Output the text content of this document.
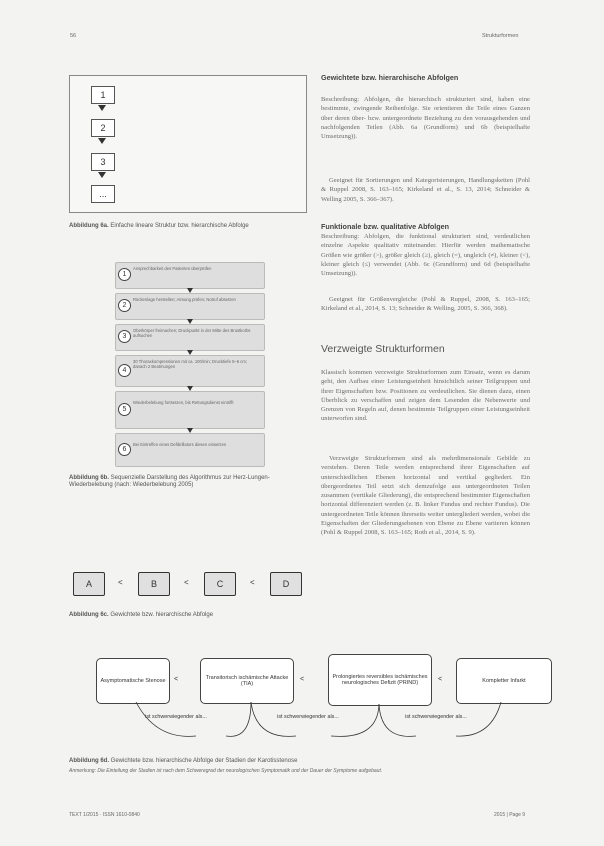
56	Strukturformen
1
2
3
...
Abbildung 6a. Einfache lineare Struktur bzw. hierarchische Abfolge
1
Ansprechbarkeit des Patienten überprüfen
2
Rückenlage herstellen; Atmung prüfen; Notruf absetzen
3
Oberkörper freimachen; Druckpunkt in der Mitte des Brustkorbs aufsuchen
4
30 Thoraxkompressionen mit ca. 100/min; Drucktiefe 5–6 cm; danach 2 Beatmungen
5
Wiederbelebung fortsetzen, bis Rettungsdienst eintrifft
6
Bei Eintreffen eines Defibrillators diesen einsetzen
Abbildung 6b. Sequenzielle Darstellung des Algorithmus zur Herz-Lungen-Wiederbelebung (nach: Wiederbelebung 2005)
A	<	B	<	C	<	D
Abbildung 6c. Gewichtete bzw. hierarchische Abfolge
Gewichtete bzw. hierarchische Abfolgen

Beschreibung: Abfolgen, die hierarchisch strukturiert sind, haben eine bestimmte, zwingende Reihenfolge. Sie orientieren die Teile eines Ganzen über deren über- bzw. untergeordnete Beziehung zu den vorausgehenden und nachfolgenden Teilen (Abb. 6a (Grundform) und 6b (beispielhafte Umsetzung)).

Geeignet für Sortierungen und Kategorisierungen, Handlungsketten (Pohl & Ruppel 2008, S. 163–165; Kirkeland et al., S. 13, 2014; Schneider & Welling 2005, S. 366–367).

Funktionale bzw. qualitative Abfolgen

Beschreibung: Abfolgen, die funktional strukturiert sind, verdeutlichen einzelne Aspekte qualitativ miteinander. Hierfür werden mathematische Größen wie größer (>), größer gleich (≥), gleich (=), ungleich (≠), kleiner (<), kleiner gleich (≤) verwendet (Abb. 6c (Grundform) und 6d (beispielhafte Umsetzung)).

Geeignet für Größenvergleiche (Pohl & Ruppel, 2008, S. 163–165; Kirkeland et al., 2014, S. 13; Schneider & Welling, 2005, S. 366, 368).

Verzweigte Strukturformen

Klassisch kommen verzweigte Strukturformen zum Einsatz, wenn es darum geht, den Aufbau einer Leistungseinheit hinsichtlich seiner Teilgruppen und ihrer Eigenschaften bzw. Positionen zu verdeutlichen. Sie dienen dazu, einen Überblick zu verschaffen und zeigen dem Lesenden die Nebenwerte und Grenzen von Regeln auf, denen bestimmte Teilgruppen einer Leistungseinheit unterworfen sind.

Verzweigte Strukturformen sind als mehrdimensionale Gebilde zu verstehen. Deren Teile werden entsprechend ihrer Eigenschaften auf unterschiedlichen Ebenen horizontal und vertikal gegliedert. Ein übergeordnetes Teil setzt sich demzufolge aus untergeordneten Teilen zusammen (vertikale Gliederung), die entsprechend bestimmter Eigenschaften horizontal differenziert werden (z. B. linker Fundus und rechter Fundus). Die untergeordneten Teile können ihrerseits weiter untergliedert werden, wobei die Eigenschaften der Gliederungsebenen von Ebene zu Ebene variieren können (Pohl & Ruppel 2008, S. 163–165; Roth et al., 2014, S. 9).

Asymptomatische Stenose	<	Transitorisch ischämische Attacke (TIA)
<	Prolongiertes reversibles ischämisches neurologisches Defizit (PRIND)	<	Kompletter Infarkt
ist schwerwiegender als...	ist schwerwiegender als...	ist schwerwiegender als...
Abbildung 6d. Gewichtete bzw. hierarchische Abfolge der Stadien der Karotisstenose
Anmerkung: Die Einteilung der Stadien ist nach dem Schweregrad der neurologischen Symptomatik und der Dauer der Symptome aufgebaut.
TEXT 1/2015 · ISSN 1610-0840	2015 | Page 9
